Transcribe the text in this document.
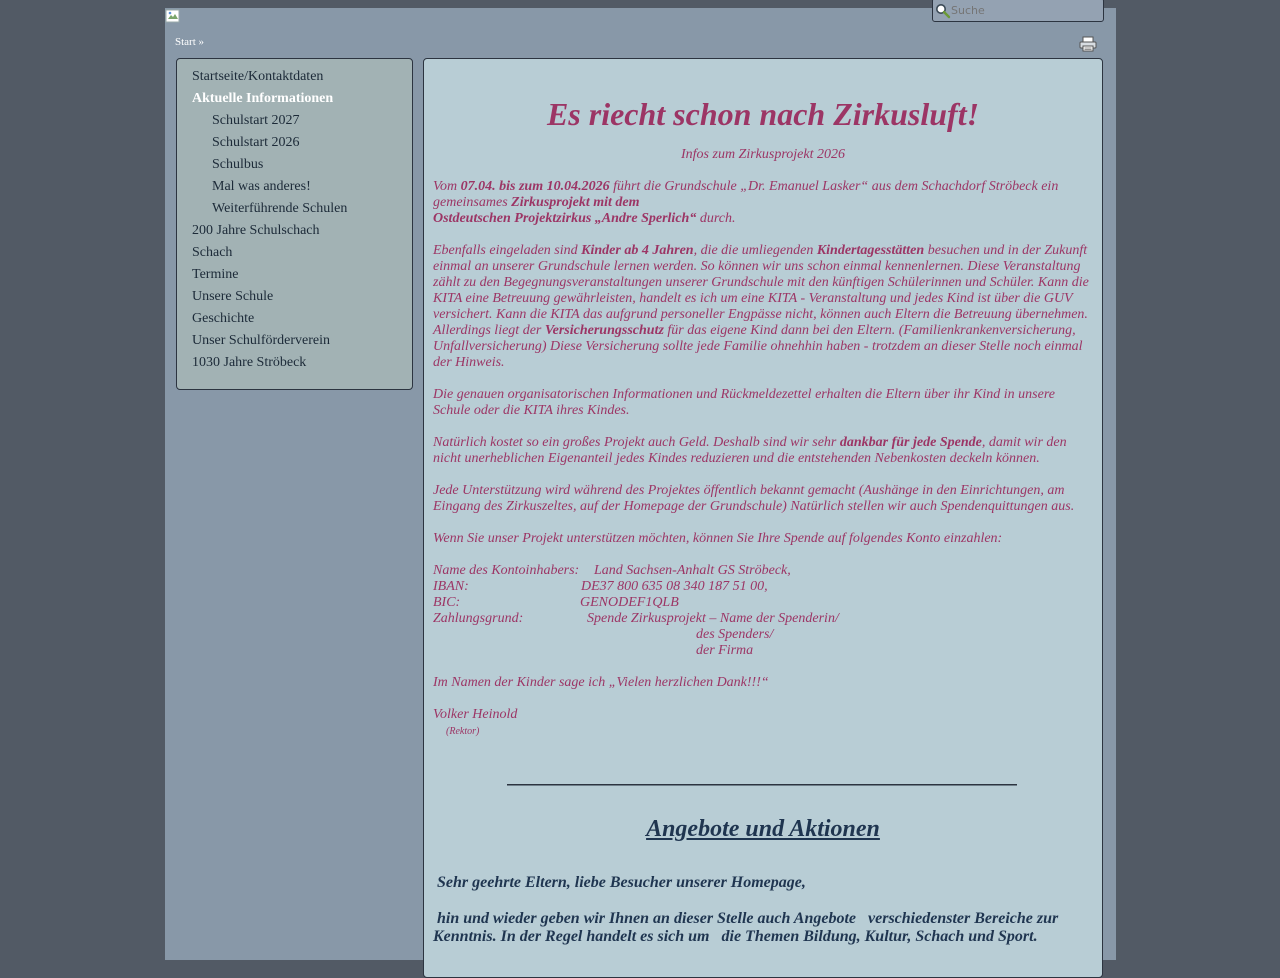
Suche
Start »
Startseite/Kontaktdaten
Aktuelle Informationen
Schulstart 2027
Schulstart 2026
Schulbus
Mal was anderes!
Weiterführende Schulen
200 Jahre Schulschach
Schach
Termine
Unsere Schule
Geschichte
Unser Schulförderverein
1030 Jahre Ströbeck
Es riecht schon nach Zirkusluft!
Infos zum Zirkusprojekt 2026

Vom 07.04. bis zum 10.04.2026 führt die Grundschule „Dr. Emanuel Lasker“ aus dem Schachdorf Ströbeck ein gemeinsames Zirkusprojekt mit dem
Ostdeutschen Projektzirkus „Andre Sperlich“ durch.

Ebenfalls eingeladen sind Kinder ab 4 Jahren, die die umliegenden Kindertagesstätten besuchen und in der Zukunft einmal an unserer Grundschule lernen werden. So können wir uns schon einmal kennenlernen. Diese Veranstaltung zählt zu den Begegnungsveranstaltungen unserer Grundschule mit den künftigen Schülerinnen und Schüler. Kann die KITA eine Betreuung gewährleisten, handelt es ich um eine KITA - Veranstaltung und jedes Kind ist über die GUV versichert. Kann die KITA das aufgrund personeller Engpässe nicht, können auch Eltern die Betreuung übernehmen. Allerdings liegt der Versicherungsschutz für das eigene Kind dann bei den Eltern. (Familienkrankenversicherung, Unfallversicherung) Diese Versicherung sollte jede Familie ohnehhin haben - trotzdem an dieser Stelle noch einmal der Hinweis.

Die genauen organisatorischen Informationen und Rückmeldezettel erhalten die Eltern über ihr Kind in unsere Schule oder die KITA ihres Kindes.

Natürlich kostet so ein großes Projekt auch Geld. Deshalb sind wir sehr dankbar für jede Spende, damit wir den nicht unerheblichen Eigenanteil jedes Kindes reduzieren und die entstehenden Nebenkosten deckeln können.

Jede Unterstützung wird während des Projektes öffentlich bekannt gemacht (Aushänge in den Einrichtungen, am Eingang des Zirkuszeltes, auf der Homepage der Grundschule) Natürlich stellen wir auch Spendenquittungen aus.

Wenn Sie unser Projekt unterstützen möchten, können Sie Ihre Spende auf folgendes Konto einzahlen:

Name des Kontoinhabers: Land Sachsen-Anhalt GS Ströbeck,
IBAN:	DE37 800 635 08 340 187 51 00,
BIC:	GENODEF1QLB
Zahlungsgrund:	Spende Zirkusprojekt – Name der Spenderin/
des Spenders/
der Firma

Im Namen der Kinder sage ich „Vielen herzlichen Dank!!!“

Volker Heinold
(Rektor)
Angebote und Aktionen

Sehr geehrte Eltern, liebe Besucher unserer Homepage,

hin und wieder geben wir Ihnen an dieser Stelle auch Angebote   verschiedenster Bereiche zur Kenntnis. In der Regel handelt es sich um   die Themen Bildung, Kultur, Schach und Sport.
